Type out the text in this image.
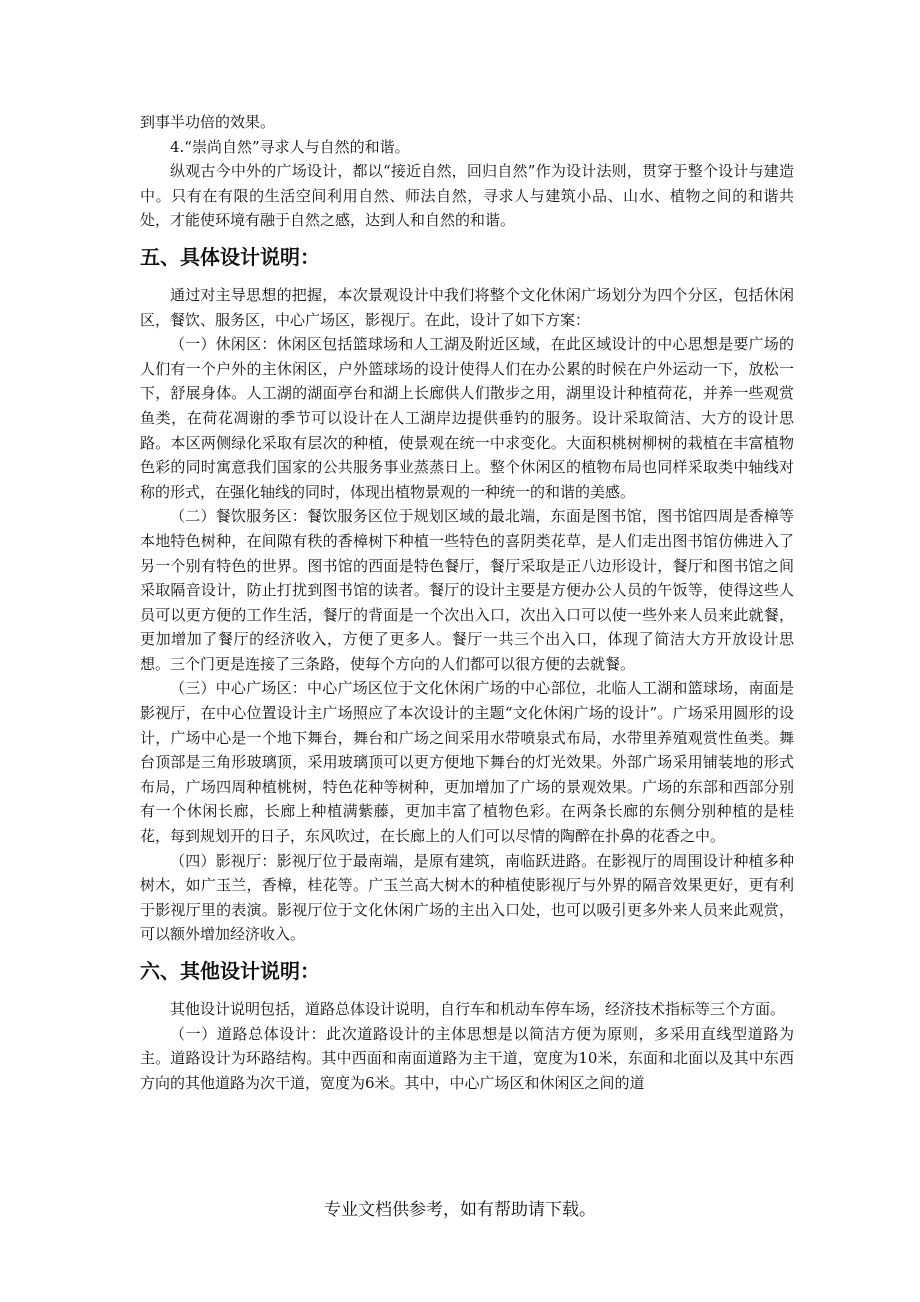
到事半功倍的效果。

4.“崇尚自然”寻求人与自然的和谐。

纵观古今中外的广场设计，都以“接近自然，回归自然”作为设计法则，贯穿于整个设计与建造中。只有在有限的生活空间利用自然、师法自然，寻求人与建筑小品、山水、植物之间的和谐共处，才能使环境有融于自然之感，达到人和自然的和谐。

五、具体设计说明：

通过对主导思想的把握，本次景观设计中我们将整个文化休闲广场划分为四个分区，包括休闲区，餐饮、服务区，中心广场区，影视厅。在此，设计了如下方案：

（一）休闲区：休闲区包括篮球场和人工湖及附近区域，在此区域设计的中心思想是要广场的人们有一个户外的主休闲区，户外篮球场的设计使得人们在办公累的时候在户外运动一下，放松一下，舒展身体。人工湖的湖面亭台和湖上长廊供人们散步之用，湖里设计种植荷花，并养一些观赏鱼类，在荷花凋谢的季节可以设计在人工湖岸边提供垂钓的服务。设计采取简洁、大方的设计思路。本区两侧绿化采取有层次的种植，使景观在统一中求变化。大面积桃树柳树的栽植在丰富植物色彩的同时寓意我们国家的公共服务事业蒸蒸日上。整个休闲区的植物布局也同样采取类中轴线对称的形式，在强化轴线的同时，体现出植物景观的一种统一的和谐的美感。

（二）餐饮服务区：餐饮服务区位于规划区域的最北端，东面是图书馆，图书馆四周是香樟等本地特色树种，在间隙有秩的香樟树下种植一些特色的喜阴类花草，是人们走出图书馆仿佛进入了另一个别有特色的世界。图书馆的西面是特色餐厅，餐厅采取是正八边形设计，餐厅和图书馆之间采取隔音设计，防止打扰到图书馆的读者。餐厅的设计主要是方便办公人员的午饭等，使得这些人员可以更方便的工作生活，餐厅的背面是一个次出入口，次出入口可以使一些外来人员来此就餐，更加增加了餐厅的经济收入，方便了更多人。餐厅一共三个出入口，体现了简洁大方开放设计思想。三个门更是连接了三条路，使每个方向的人们都可以很方便的去就餐。

（三）中心广场区：中心广场区位于文化休闲广场的中心部位，北临人工湖和篮球场，南面是影视厅，在中心位置设计主广场照应了本次设计的主题“文化休闲广场的设计”。广场采用圆形的设计，广场中心是一个地下舞台，舞台和广场之间采用水带喷泉式布局，水带里养殖观赏性鱼类。舞台顶部是三角形玻璃顶，采用玻璃顶可以更方便地下舞台的灯光效果。外部广场采用铺装地的形式布局，广场四周种植桃树，特色花种等树种，更加增加了广场的景观效果。广场的东部和西部分别有一个休闲长廊，长廊上种植满紫藤，更加丰富了植物色彩。在两条长廊的东侧分别种植的是桂花，每到规划开的日子，东风吹过，在长廊上的人们可以尽情的陶醉在扑鼻的花香之中。

（四）影视厅：影视厅位于最南端，是原有建筑，南临跃进路。在影视厅的周围设计种植多种树木，如广玉兰，香樟，桂花等。广玉兰高大树木的种植使影视厅与外界的隔音效果更好，更有利于影视厅里的表演。影视厅位于文化休闲广场的主出入口处，也可以吸引更多外来人员来此观赏，可以额外增加经济收入。

六、其他设计说明：

其他设计说明包括，道路总体设计说明，自行车和机动车停车场，经济技术指标等三个方面。

（一）道路总体设计：此次道路设计的主体思想是以简洁方便为原则，多采用直线型道路为主。道路设计为环路结构。其中西面和南面道路为主干道，宽度为10米，东面和北面以及其中东西方向的其他道路为次干道，宽度为6米。其中，中心广场区和休闲区之间的道

专业文档供参考，如有帮助请下载。
